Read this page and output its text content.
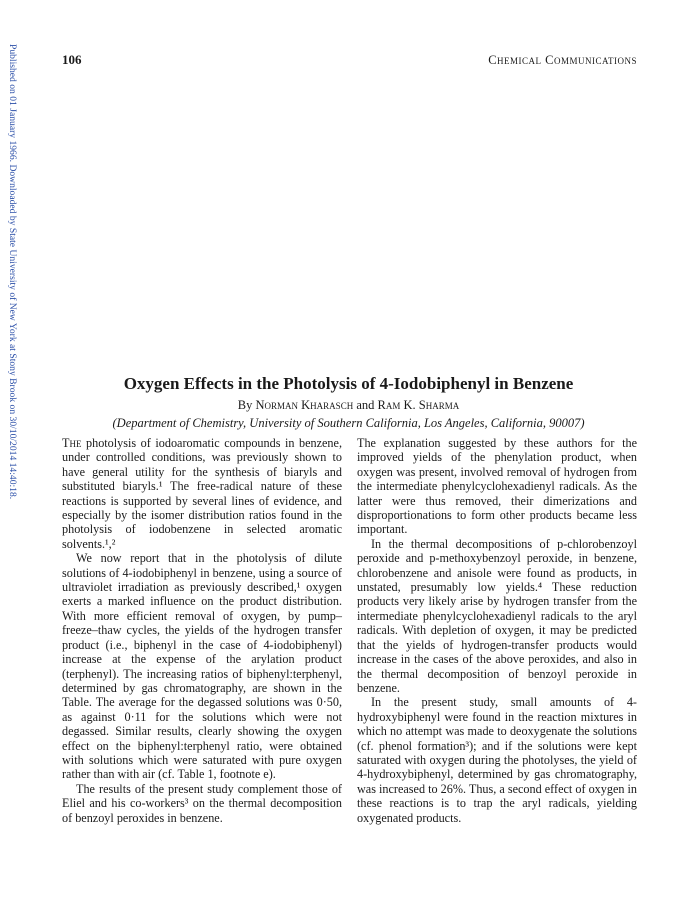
Published on 01 January 1966. Downloaded by State University of New York at Stony Brook on 30/10/2014 14:40:18.	106	Chemical Communications
Oxygen Effects in the Photolysis of 4-Iodobiphenyl in Benzene
By Norman Kharasch and Ram K. Sharma
(Department of Chemistry, University of Southern California, Los Angeles, California, 90007)

The photolysis of iodoaromatic compounds in benzene, under controlled conditions, was previously shown to have general utility for the synthesis of biaryls and substituted biaryls.¹ The free-radical nature of these reactions is supported by several lines of evidence, and especially by the isomer distribution ratios found in the photolysis of iodobenzene in selected aromatic solvents.¹,²

We now report that in the photolysis of dilute solutions of 4-iodobiphenyl in benzene, using a source of ultraviolet irradiation as previously described,¹ oxygen exerts a marked influence on the product distribution. With more efficient removal of oxygen, by pump–freeze–thaw cycles, the yields of the hydrogen transfer product (i.e., biphenyl in the case of 4-iodobiphenyl) increase at the expense of the arylation product (terphenyl). The increasing ratios of biphenyl:terphenyl, determined by gas chromatography, are shown in the Table. The average for the degassed solutions was 0·50, as against 0·11 for the solutions which were not degassed. Similar results, clearly showing the oxygen effect on the biphenyl:terphenyl ratio, were obtained with solutions which were saturated with pure oxygen rather than with air (cf. Table 1, footnote e).

The results of the present study complement those of Eliel and his co-workers³ on the thermal decomposition of benzoyl peroxides in benzene.

The explanation suggested by these authors for the improved yields of the phenylation product, when oxygen was present, involved removal of hydrogen from the intermediate phenylcyclohexadienyl radicals. As the latter were thus removed, their dimerizations and disproportionations to form other products became less important.

In the thermal decompositions of p-chlorobenzoyl peroxide and p-methoxybenzoyl peroxide, in benzene, chlorobenzene and anisole were found as products, in unstated, presumably low yields.⁴ These reduction products very likely arise by hydrogen transfer from the intermediate phenylcyclohexadienyl radicals to the aryl radicals. With depletion of oxygen, it may be predicted that the yields of hydrogen-transfer products would increase in the cases of the above peroxides, and also in the thermal decomposition of benzoyl peroxide in benzene.

In the present study, small amounts of 4-hydroxybiphenyl were found in the reaction mixtures in which no attempt was made to deoxygenate the solutions (cf. phenol formation³); and if the solutions were kept saturated with oxygen during the photolyses, the yield of 4-hydroxybiphenyl, determined by gas chromatography, was increased to 26%. Thus, a second effect of oxygen in these reactions is to trap the aryl radicals, yielding oxygenated products.
